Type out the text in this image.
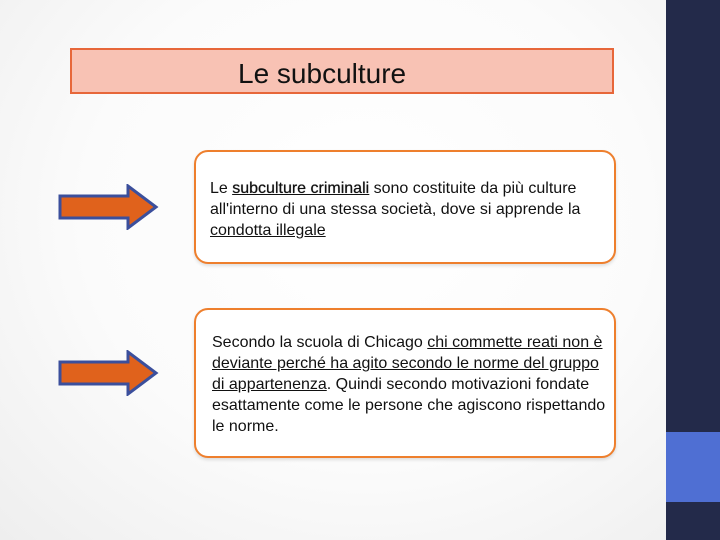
Le subculture
Le subculture criminali sono costituite da più culture all'interno di una stessa società, dove si apprende la condotta illegale
Secondo la scuola di Chicago chi commette reati non è deviante perché ha agito secondo le norme del gruppo di appartenenza. Quindi secondo motivazioni fondate esattamente come le persone che agiscono rispettando le norme.
